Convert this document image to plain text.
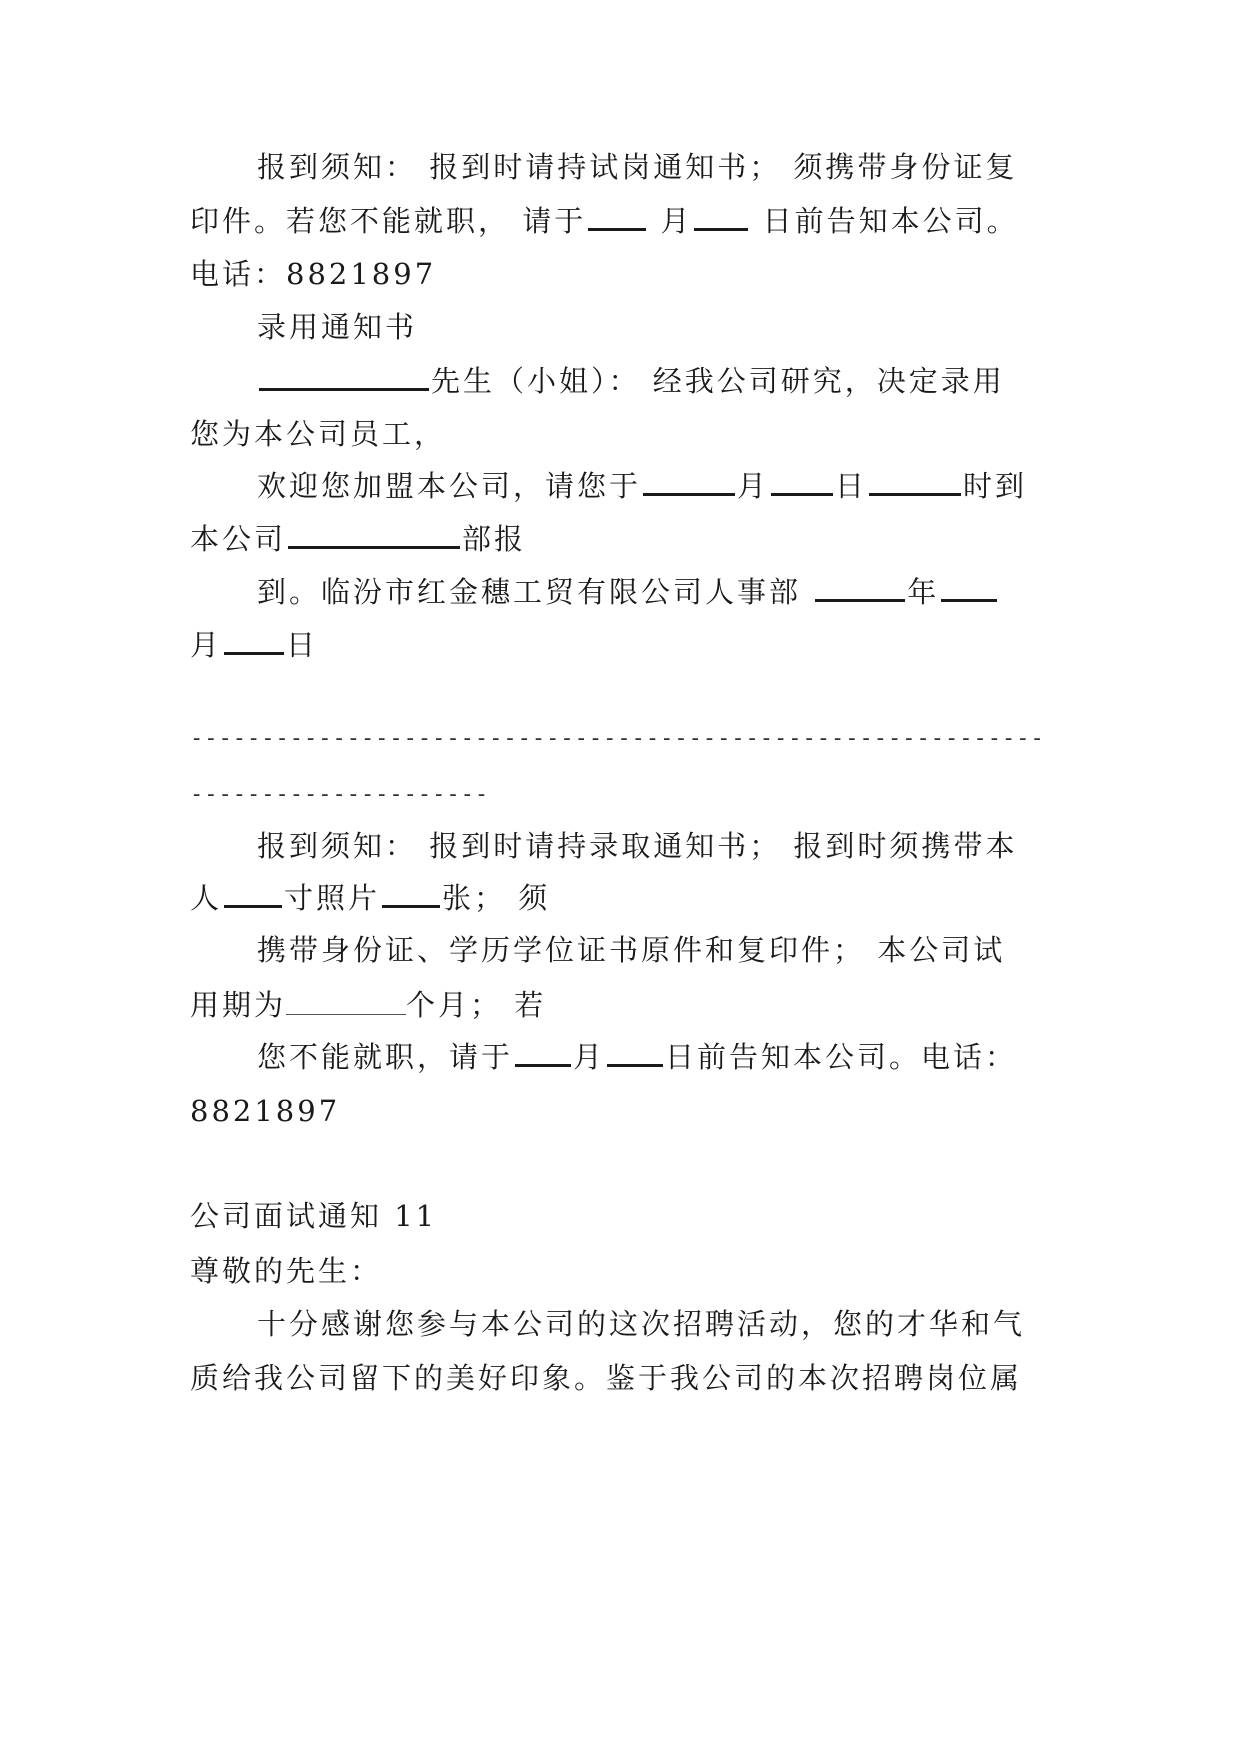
报到须知： 报到时请持试岗通知书； 须携带身份证复
印件。若您不能就职， 请于 月 日前告知本公司。
电话：8821897
录用通知书
先生（小姐）： 经我公司研究，决定录用
您为本公司员工，
欢迎您加盟本公司，请您于	月 日	时到
本公司	部报
到。临汾市红金穗工贸有限公司人事部	年
月 日
------------------------------------------------------------
---------------------
报到须知： 报到时请持录取通知书； 报到时须携带本
人 寸照片 张； 须
携带身份证、学历学位证书原件和复印件； 本公司试
用期为	个月； 若
您不能就职，请于 月 日前告知本公司。电话：
8821897
公司面试通知 11
尊敬的先生：
十分感谢您参与本公司的这次招聘活动，您的才华和气
质给我公司留下的美好印象。鉴于我公司的本次招聘岗位属
